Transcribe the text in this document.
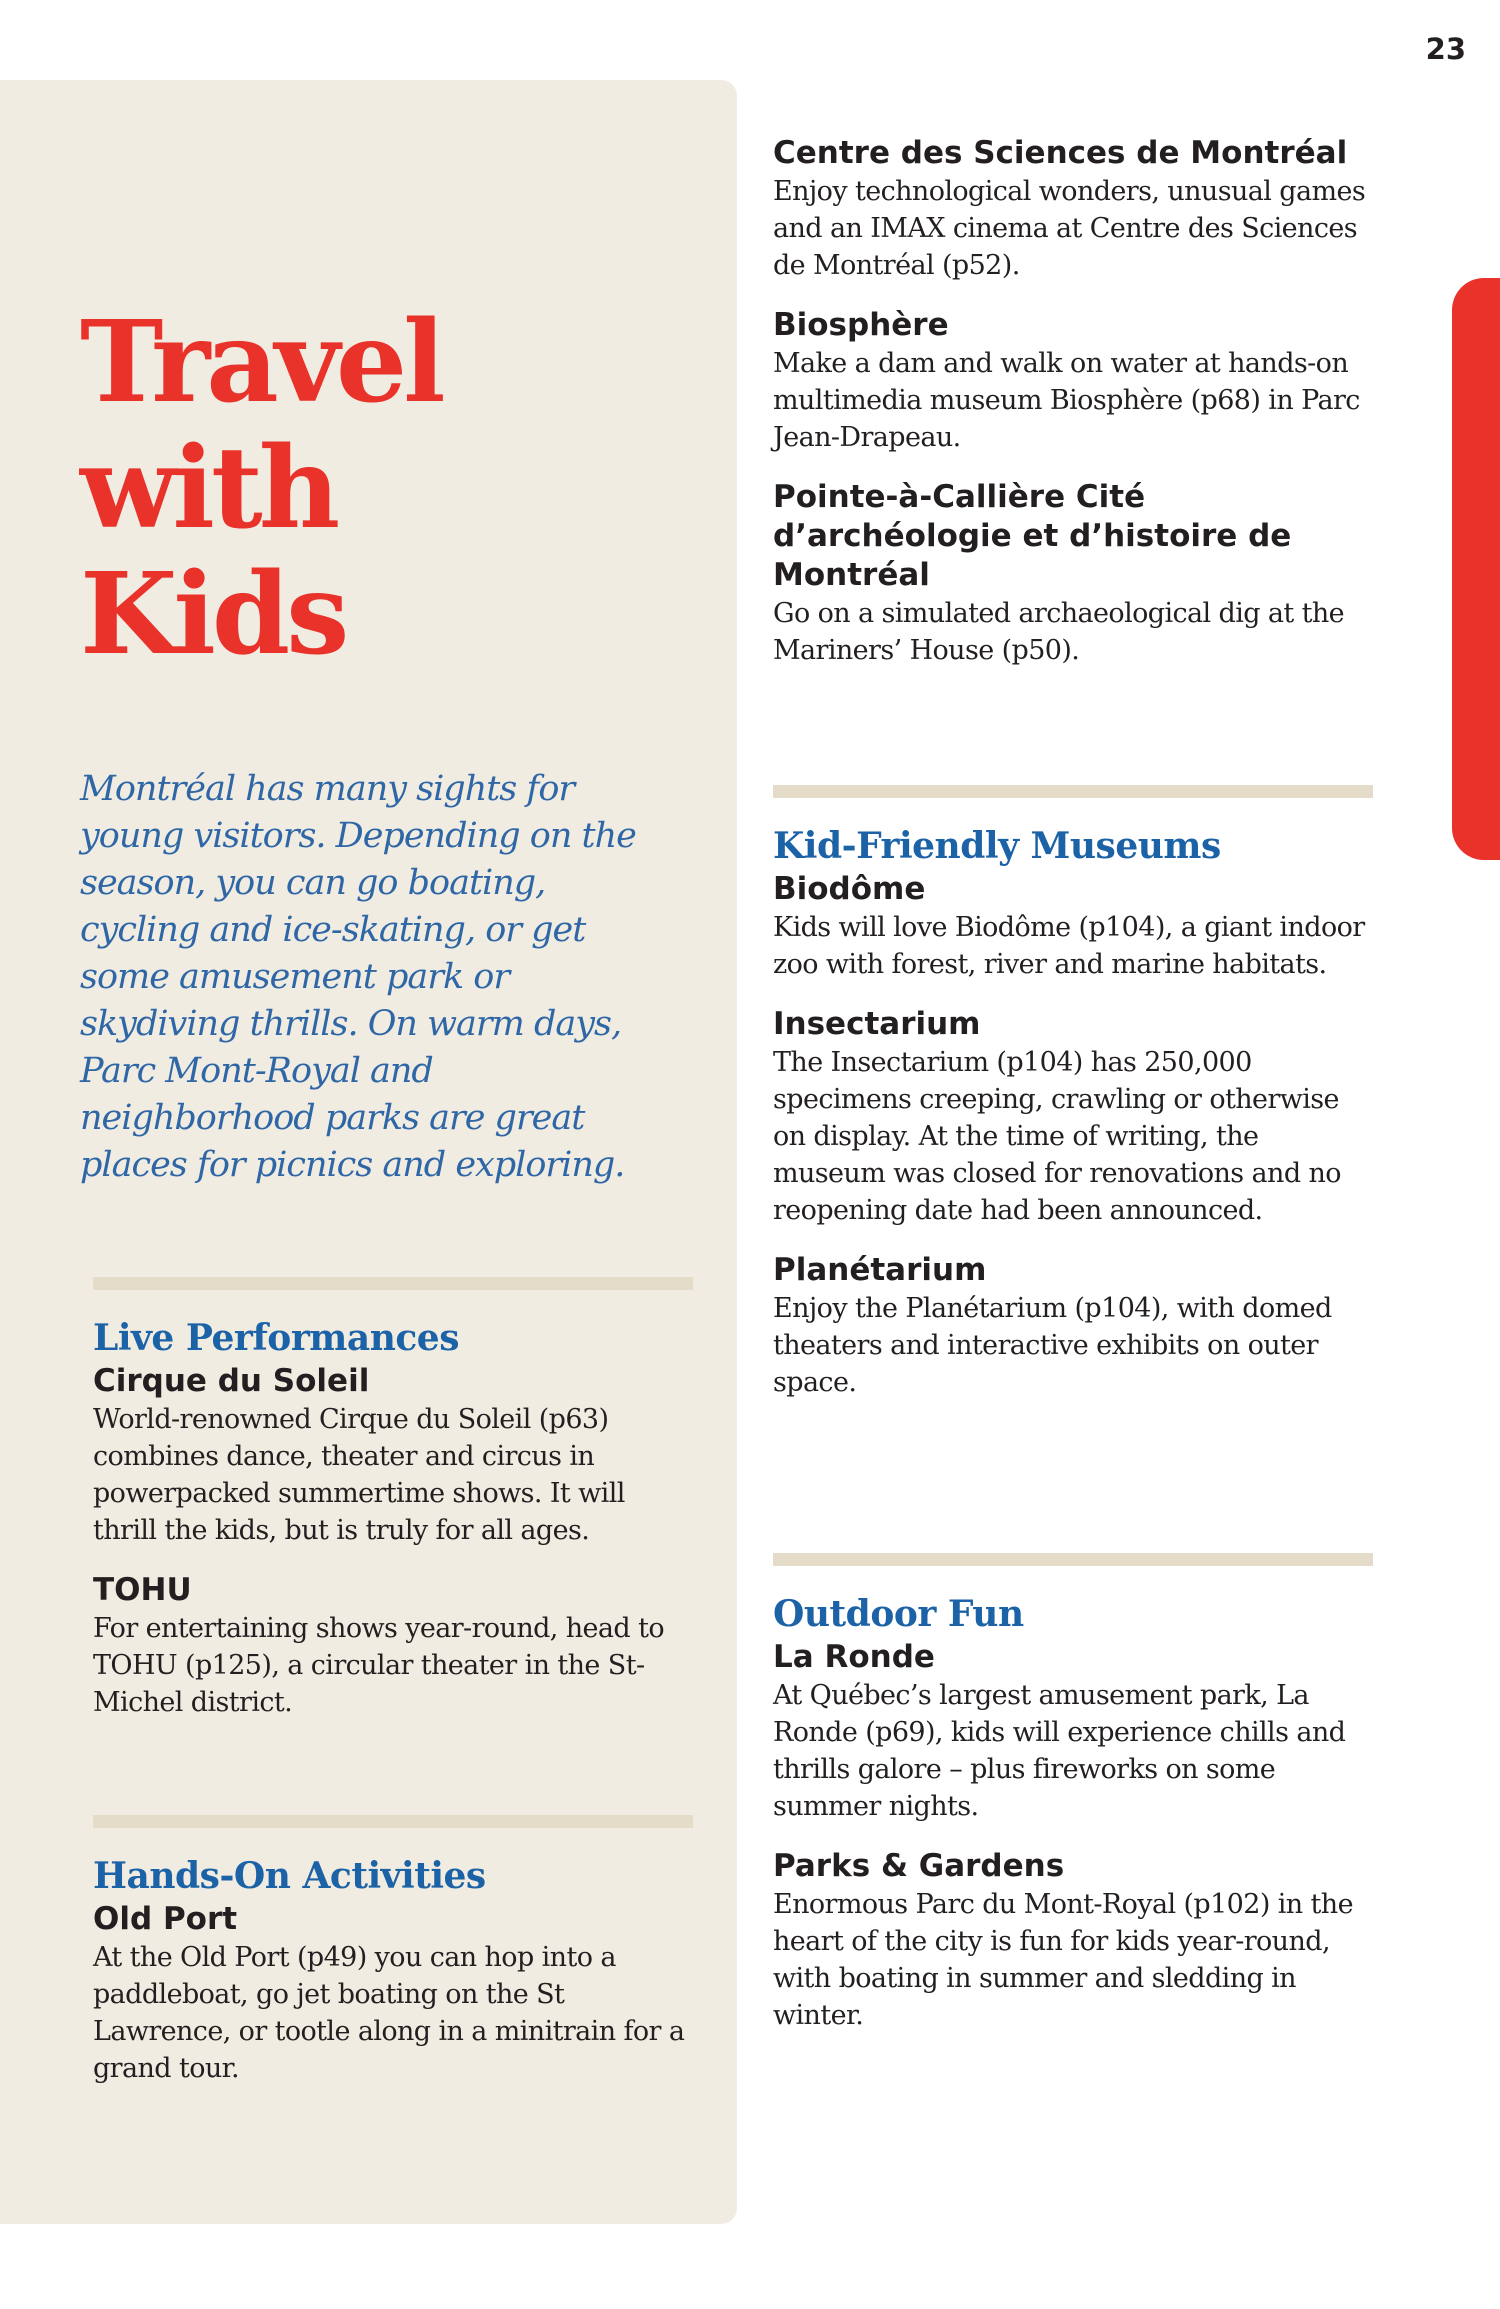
23
Travel
with
Kids

Montréal has many sights for young visitors. Depending on the season, you can go boating, cycling and ice-skating, or get some amusement park or skydiving thrills. On warm days, Parc Mont-Royal and neighborhood parks are great places for picnics and exploring.

Live Performances
Cirque du Soleil

World-renowned Cirque du Soleil (p63) combines dance, theater and circus in powerpacked summertime shows. It will thrill the kids, but is truly for all ages.

TOHU

For entertaining shows year-round, head to TOHU (p125), a circular theater in the St-Michel district.

Hands-On Activities
Old Port

At the Old Port (p49) you can hop into a paddleboat, go jet boating on the St Lawrence, or tootle along in a minitrain for a grand tour.

Centre des Sciences de Montréal

Enjoy technological wonders, unusual games and an IMAX cinema at Centre des Sciences de Montréal (p52).

Biosphère

Make a dam and walk on water at hands-on multimedia museum Biosphère (p68) in Parc Jean-Drapeau.

Pointe-à-Callière Cité d’archéologie et d’histoire de Montréal

Go on a simulated archaeological dig at the Mariners’ House (p50).

Kid-Friendly Museums
Biodôme

Kids will love Biodôme (p104), a giant indoor zoo with forest, river and marine habitats.

Insectarium

The Insectarium (p104) has 250,000 specimens creeping, crawling or otherwise on display. At the time of writing, the museum was closed for renovations and no reopening date had been announced.

Planétarium

Enjoy the Planétarium (p104), with domed theaters and interactive exhibits on outer space.

Outdoor Fun
La Ronde

At Québec’s largest amusement park, La Ronde (p69), kids will experience chills and thrills galore – plus fireworks on some summer nights.

Parks & Gardens

Enormous Parc du Mont-Royal (p102) in the heart of the city is fun for kids year-round, with boating in summer and sledding in winter.
